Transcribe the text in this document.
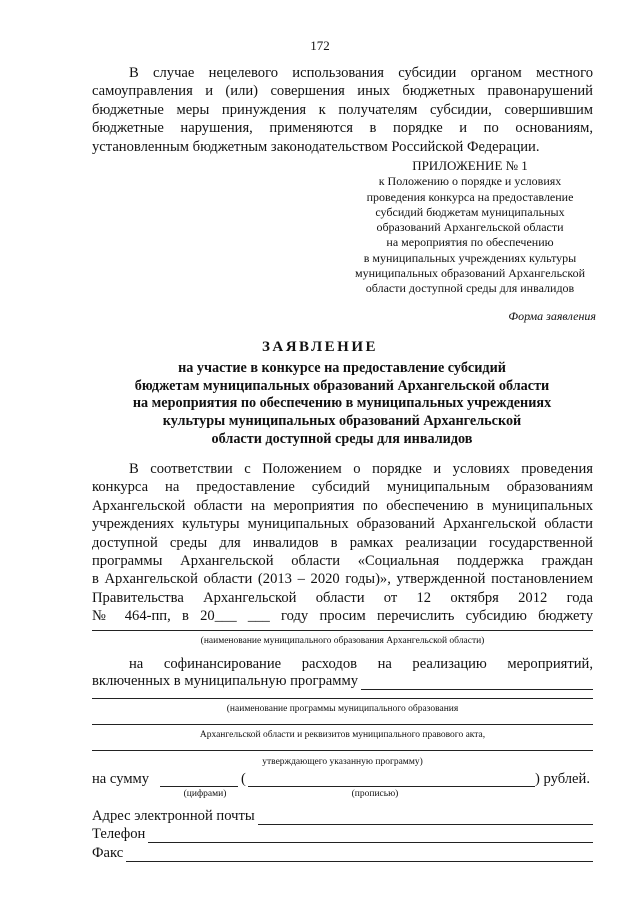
172
В случае нецелевого использования субсидии органом местного
самоуправления и (или) совершения иных бюджетных правонарушений
бюджетные меры принуждения к получателям субсидии, совершившим
бюджетные нарушения, применяются в порядке и по основаниям,
установленным бюджетным законодательством Российской Федерации.
ПРИЛОЖЕНИЕ № 1
к Положению о порядке и условиях
проведения конкурса на предоставление
субсидий бюджетам муниципальных
образований Архангельской области
на мероприятия по обеспечению
в муниципальных учреждениях культуры
муниципальных образований Архангельской
области доступной среды для инвалидов
Форма заявления
ЗАЯВЛЕНИЕ
на участие в конкурсе на предоставление субсидий
бюджетам муниципальных образований Архангельской области
на мероприятия по обеспечению в муниципальных учреждениях
культуры муниципальных образований Архангельской
области доступной среды для инвалидов
В соответствии с Положением о порядке и условиях проведения
конкурса на предоставление субсидий муниципальным образованиям
Архангельской области на мероприятия по обеспечению в муниципальных
учреждениях культуры муниципальных образований Архангельской области
доступной среды для инвалидов в рамках реализации государственной
программы Архангельской области «Социальная поддержка граждан
в Архангельской области (2013 – 2020 годы)», утвержденной постановлением
Правительства Архангельской области от 12 октября 2012 года
№ 464-пп, в 20___ ___ году просим перечислить субсидию бюджету
(наименование муниципального образования Архангельской области)
на софинансирование расходов на реализацию мероприятий,
включенных в муниципальную программу
(наименование программы муниципального образования
Архангельской области и реквизитов муниципального правового акта,
утверждающего указанную программу)
на сумму	(	) рублей.
(цифрами)	(прописью)
Адрес электронной почты
Телефон
Факс
